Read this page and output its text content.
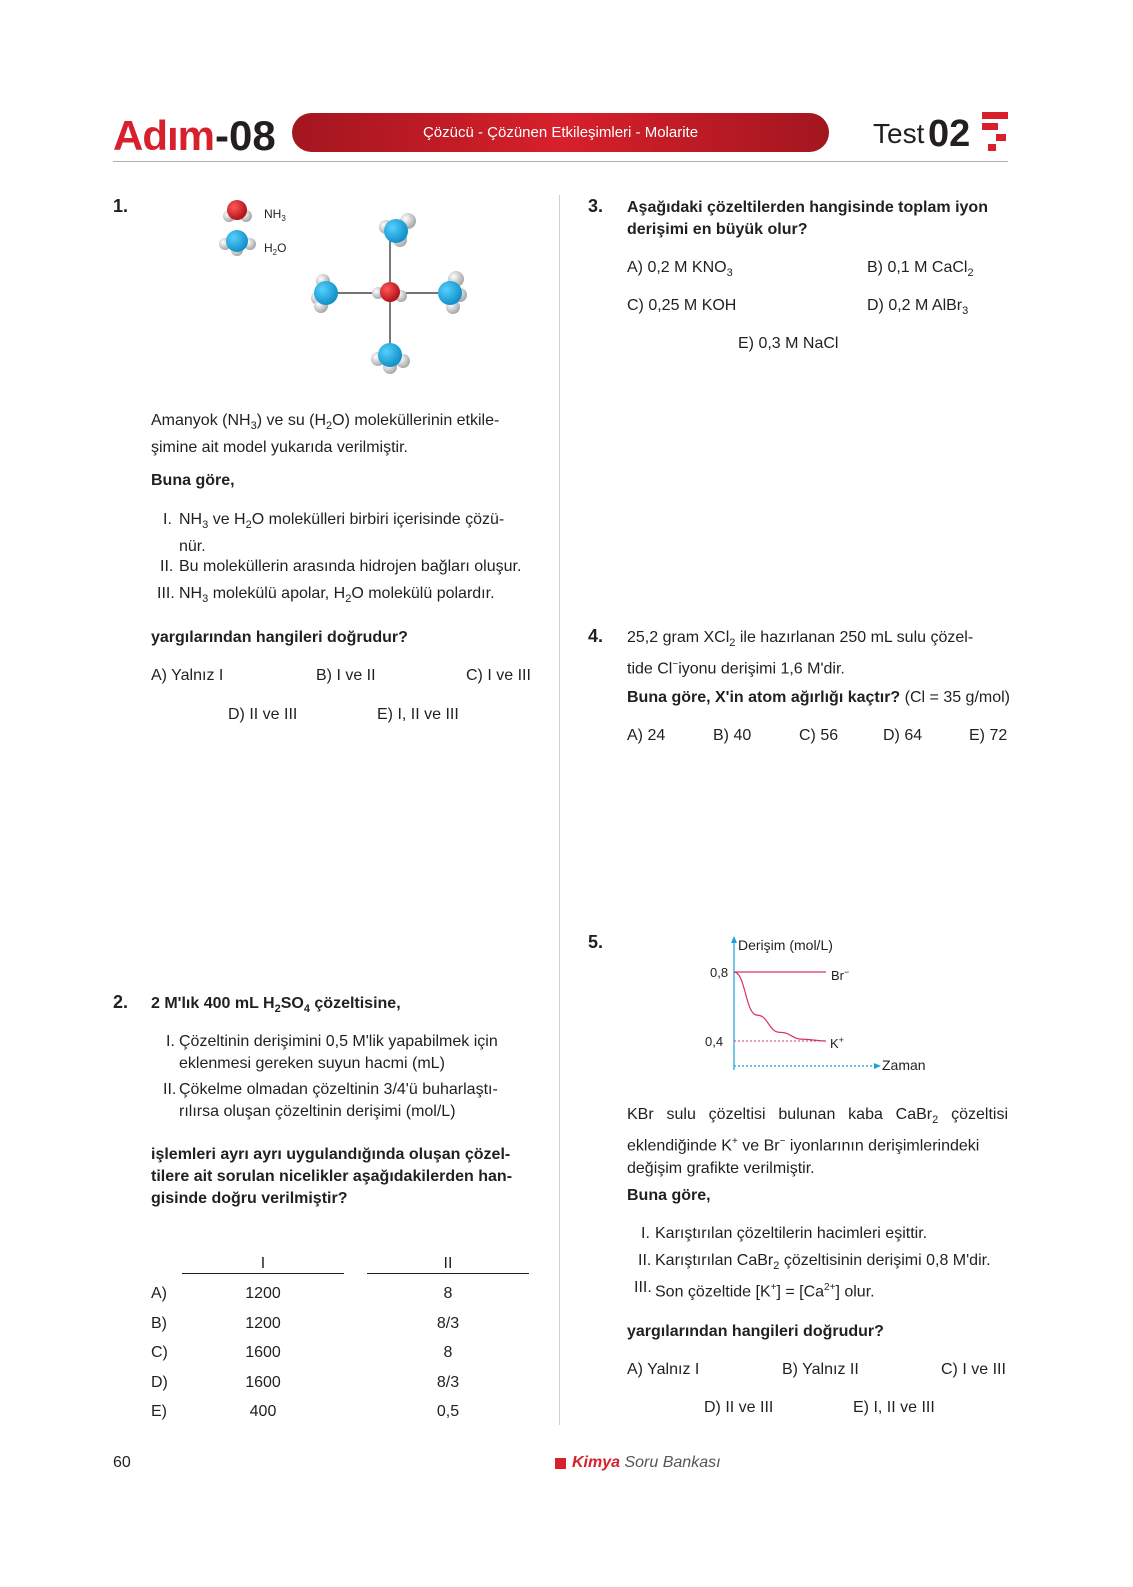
Adım -08	Çözücü - Çözünen Etkileşimleri - Molarite	Test 02
1.	$NH_3$
$H_2O$
Amanyok $(NH_3)$ ve su $(H_2O)$ moleküllerinin etkile-
şimine ait model yukarıda verilmiştir.
Buna göre,
I. $NH_3$ ve $H_2O$ molekülleri birbiri içerisinde çözü-
nür.
II. Bu moleküllerin arasında hidrojen bağları oluşur.
III. $NH_3$ molekülü apolar, $H_2O$ molekülü polardır.
yargılarından hangileri doğrudur?
A) Yalnız I	B) I ve II	C) I ve III
D) II ve III	E) I, II ve III
2. 2 M'lık 400 mL $H_2SO_4$ çözeltisine,
I. Çözeltinin derişimini 0,5 M'lik yapabilmek için
eklenmesi gereken suyun hacmi (mL)
II. Çökelme olmadan çözeltinin 3/4'ü buharlaştı-
rılırsa oluşan çözeltinin derişimi (mol/L)
işlemleri ayrı ayrı uygulandığında oluşan çözel-
tilere ait sorulan nicelikler aşağıdakilerden han-
gisinde doğru verilmiştir?
I	II
A)	1200	8
B)	1200	8/3
C)	1600	8
D)	1600	8/3
E)	400	0,5
3. Aşağıdaki çözeltilerden hangisinde toplam iyon
derişimi en büyük olur?
A) 0,2 M $KNO_3$	B) 0,1 M CaCl$_2$
C) 0,25 M KOH	D) 0,2 M AlBr$_3$
E) 0,3 M NaCl
4. 25,2 gram XCl$_2$ ile hazırlanan 250 mL sulu çözel-
tide Cl−iyonu derişimi 1,6 M'dir.
Buna göre, X'in atom ağırlığı kaçtır? (Cl = 35 g/mol)
A) 24	B) 40	C) 56	D) 64	E) 72
5.	Derişim (mol/L)
Zaman
0,8
0,4
Br−
K+
KBr sulu çözeltisi bulunan kaba CaBr$_2$ çözeltisi
eklendiğinde K+ ve Br− iyonlarının derişimlerindeki
değişim grafikte verilmiştir.
Buna göre,
I. Karıştırılan çözeltilerin hacimleri eşittir.
II. Karıştırılan CaBr$_2$ çözeltisinin derişimi 0,8 M'dir.
III. Son çözeltide $[K^+] = [Ca^{2+}]$ olur.
yargılarından hangileri doğrudur?
A) Yalnız I	B) Yalnız II	C) I ve III
D) II ve III	E) I, II ve III
60	Kimya Soru Bankası
